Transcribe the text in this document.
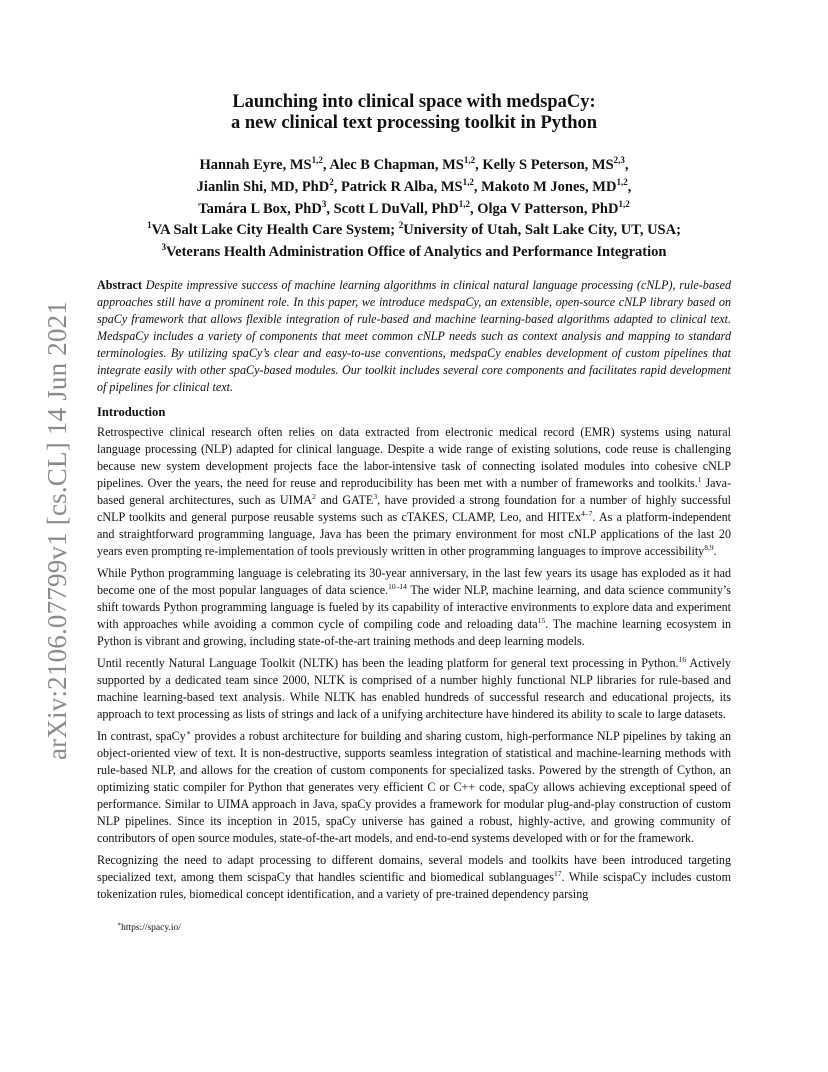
arXiv:2106.07799v1 [cs.CL] 14 Jun 2021
Launching into clinical space with medspaCy:
a new clinical text processing toolkit in Python
Hannah Eyre, MS$^{1,2}$, Alec B Chapman, MS$^{1,2}$, Kelly S Peterson, MS$^{2,3}$,
Jianlin Shi, MD, PhD$^2$, Patrick R Alba, MS$^{1,2}$, Makoto M Jones, MD$^{1,2}$,
Tamára L Box, PhD$^3$, Scott L DuVall, PhD$^{1,2}$, Olga V Patterson, PhD$^{1,2}$
$^1$VA Salt Lake City Health Care System; $^2$University of Utah, Salt Lake City, UT, USA;
$^3$Veterans Health Administration Office of Analytics and Performance Integration
Abstract Despite impressive success of machine learning algorithms in clinical natural language processing (cNLP), rule-based approaches still have a prominent role. In this paper, we introduce medspaCy, an extensible, open-source cNLP library based on spaCy framework that allows flexible integration of rule-based and machine learning-based algorithms adapted to clinical text. MedspaCy includes a variety of components that meet common cNLP needs such as context analysis and mapping to standard terminologies. By utilizing spaCy’s clear and easy-to-use conventions, medspaCy enables development of custom pipelines that integrate easily with other spaCy-based modules. Our toolkit includes several core components and facilitates rapid development of pipelines for clinical text.
Introduction

Retrospective clinical research often relies on data extracted from electronic medical record (EMR) systems using natural language processing (NLP) adapted for clinical language. Despite a wide range of existing solutions, code reuse is challenging because new system development projects face the labor-intensive task of connecting isolated modules into cohesive cNLP pipelines. Over the years, the need for reuse and reproducibility has been met with a number of frameworks and toolkits.$^1$ Java-based general architectures, such as UIMA$^2$ and GATE$^3$, have provided a strong foundation for a number of highly successful cNLP toolkits and general purpose reusable systems such as cTAKES, CLAMP, Leo, and HITEx$^{4-7}$. As a platform-independent and straightforward programming language, Java has been the primary environment for most cNLP applications of the last 20 years even prompting re-implementation of tools previously written in other programming languages to improve accessibility$^{8,9}$.

While Python programming language is celebrating its 30-year anniversary, in the last few years its usage has exploded as it had become one of the most popular languages of data science.$^{10-14}$ The wider NLP, machine learning, and data science community’s shift towards Python programming language is fueled by its capability of interactive environments to explore data and experiment with approaches while avoiding a common cycle of compiling code and reloading data$^{15}$. The machine learning ecosystem in Python is vibrant and growing, including state-of-the-art training methods and deep learning models.

Until recently Natural Language Toolkit (NLTK) has been the leading platform for general text processing in Python.$^{16}$ Actively supported by a dedicated team since 2000, NLTK is comprised of a number highly functional NLP libraries for rule-based and machine learning-based text analysis. While NLTK has enabled hundreds of successful research and educational projects, its approach to text processing as lists of strings and lack of a unifying architecture have hindered its ability to scale to large datasets.

In contrast, spaCy∗ provides a robust architecture for building and sharing custom, high-performance NLP pipelines by taking an object-oriented view of text. It is non-destructive, supports seamless integration of statistical and machine-learning methods with rule-based NLP, and allows for the creation of custom components for specialized tasks. Powered by the strength of Cython, an optimizing static compiler for Python that generates very efficient C or C++ code, spaCy allows achieving exceptional speed of performance. Similar to UIMA approach in Java, spaCy provides a framework for modular plug-and-play construction of custom NLP pipelines. Since its inception in 2015, spaCy universe has gained a robust, highly-active, and growing community of contributors of open source modules, state-of-the-art models, and end-to-end systems developed with or for the framework.

Recognizing the need to adapt processing to different domains, several models and toolkits have been introduced targeting specialized text, among them scispaCy that handles scientific and biomedical sublanguages$^{17}$. While scispaCy includes custom tokenization rules, biomedical concept identification, and a variety of pre-trained dependency parsing

∗https://spacy.io/
